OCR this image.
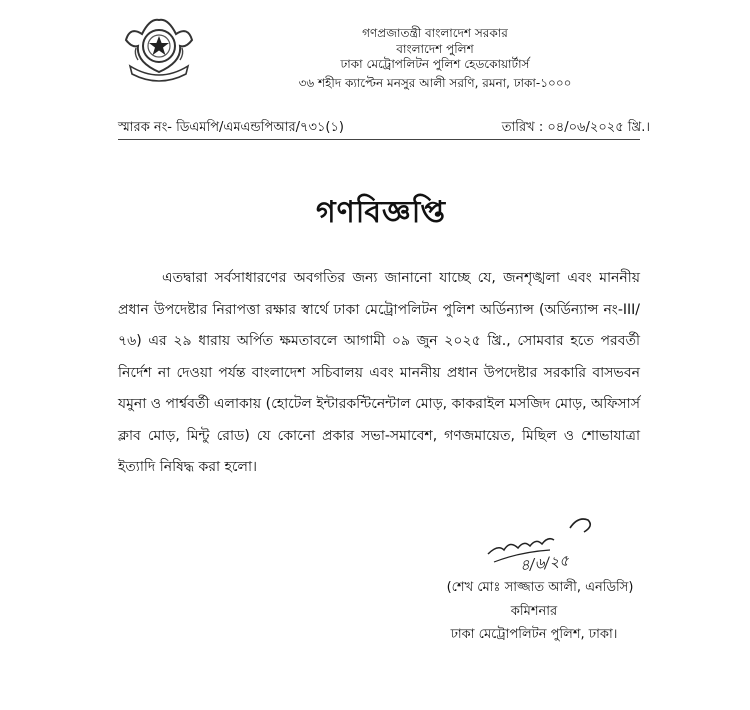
গণপ্রজাতন্ত্রী বাংলাদেশ সরকার
বাংলাদেশ পুলিশ
ঢাকা মেট্রোপলিটন পুলিশ হেডকোয়ার্টার্স
৩৬ শহীদ ক্যাপ্টেন মনসুর আলী সরণি, রমনা, ঢাকা-১০০০
স্মারক নং- ডিএমপি/এমএন্ডপিআর/৭৩১(১)	তারিখ : ০৪/০৬/২০২৫ খ্রি.।
গণবিজ্ঞপ্তি
এতদ্বারা সর্বসাধারণের অবগতির জন্য জানানো যাচ্ছে যে, জনশৃঙ্খলা এবং মাননীয় প্রধান উপদেষ্টার নিরাপত্তা রক্ষার স্বার্থে ঢাকা মেট্রোপলিটন পুলিশ অর্ডিন্যান্স (অর্ডিন্যান্স নং-III/৭৬) এর ২৯ ধারায় অর্পিত ক্ষমতাবলে আগামী ০৯ জুন ২০২৫ খ্রি., সোমবার হতে পরবর্তী নির্দেশ না দেওয়া পর্যন্ত বাংলাদেশ সচিবালয় এবং মাননীয় প্রধান উপদেষ্টার সরকারি বাসভবন যমুনা ও পার্শ্ববর্তী এলাকায় (হোটেল ইন্টারকন্টিনেন্টাল মোড়, কাকরাইল মসজিদ মোড়, অফিসার্স ক্লাব মোড়, মিন্টু রোড) যে কোনো প্রকার সভা-সমাবেশ, গণজমায়েত, মিছিল ও শোভাযাত্রা ইত্যাদি নিষিদ্ধ করা হলো।
৪/৬/২৫
(শেখ মোঃ সাজ্জাত আলী, এনডিসি)
কমিশনার
ঢাকা মেট্রোপলিটন পুলিশ, ঢাকা।
